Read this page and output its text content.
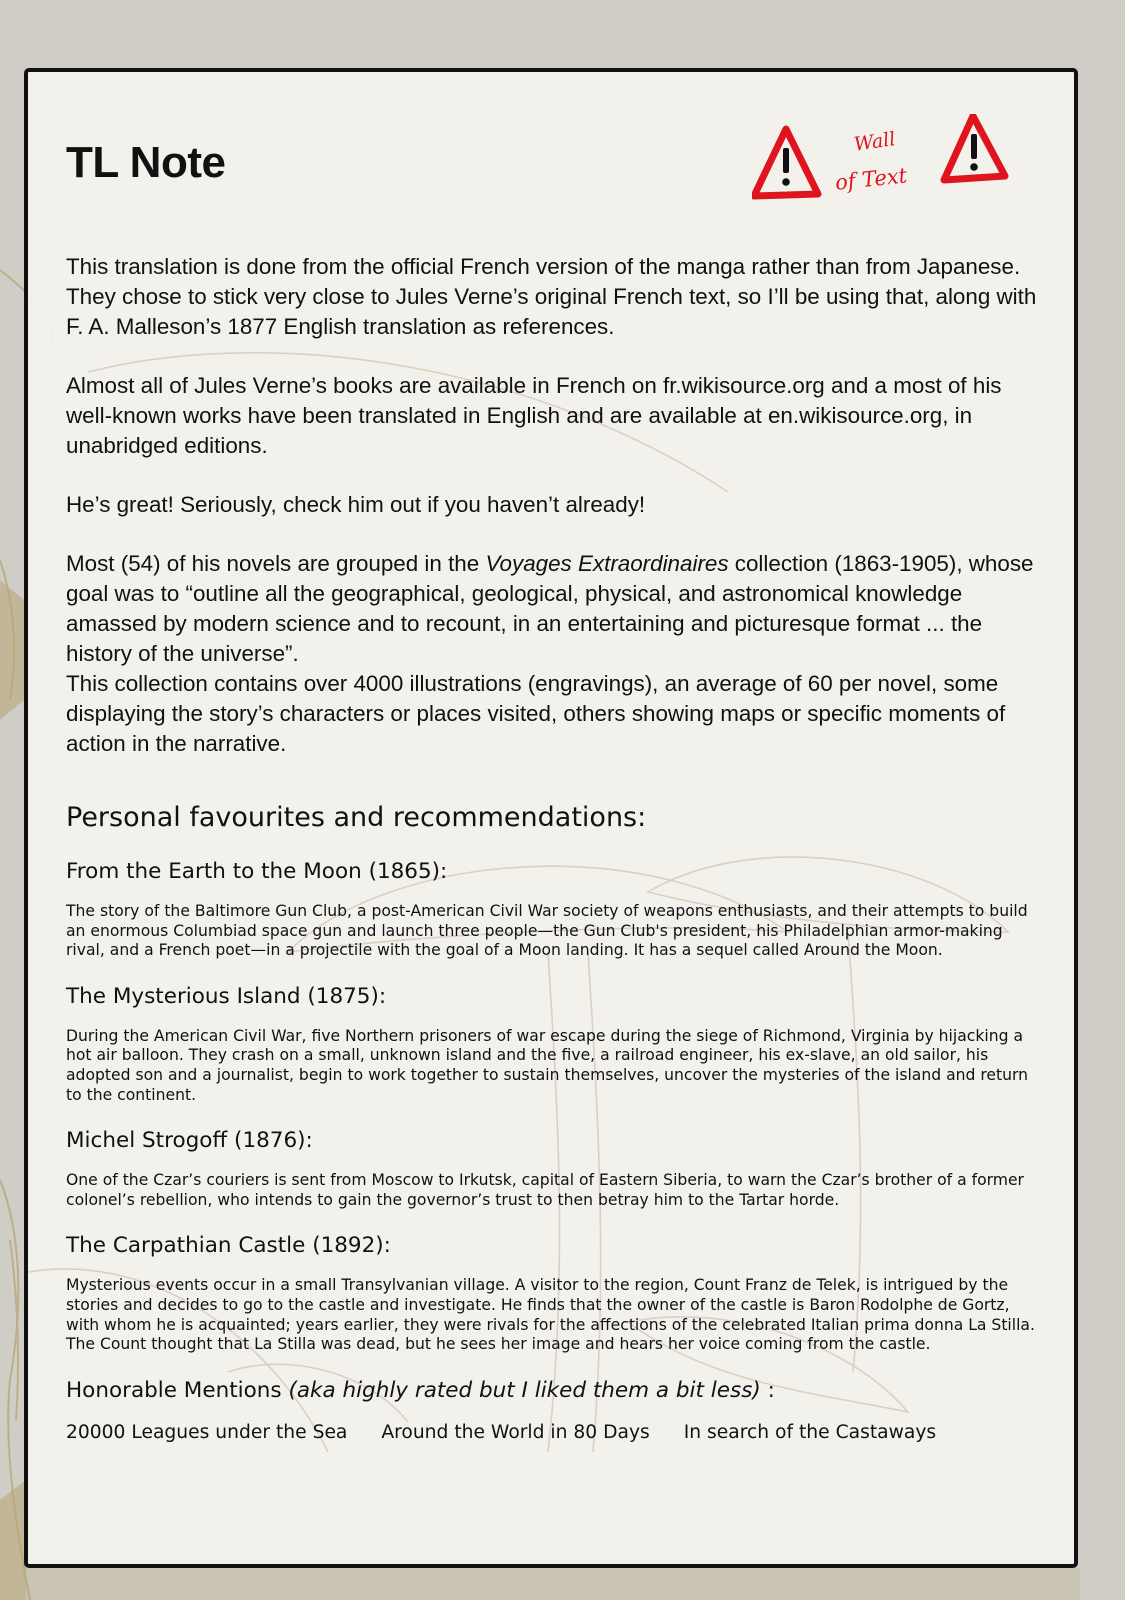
TL Note	Wall
of Text

This translation is done from the official French version of the manga rather than from Japanese. They chose to stick very close to Jules Verne’s original French text, so I’ll be using that, along with F. A. Malleson’s 1877 English translation as references.

Almost all of Jules Verne’s books are available in French on fr.wikisource.org and a most of his well-known works have been translated in English and are available at en.wikisource.org, in unabridged editions.

He’s great! Seriously, check him out if you haven’t already!

Most (54) of his novels are grouped in the Voyages Extraordinaires collection (1863-1905), whose goal was to “outline all the geographical, geological, physical, and astronomical knowledge amassed by modern science and to recount, in an entertaining and picturesque format ... the history of the universe”.

This collection contains over 4000 illustrations (engravings), an average of 60 per novel, some displaying the story’s characters or places visited, others showing maps or specific moments of action in the narrative.

Personal favourites and recommendations:
From the Earth to the Moon (1865):

The story of the Baltimore Gun Club, a post-American Civil War society of weapons enthusiasts, and their attempts to build an enormous Columbiad space gun and launch three people—the Gun Club's president, his Philadelphian armor-making rival, and a French poet—in a projectile with the goal of a Moon landing. It has a sequel called Around the Moon.

The Mysterious Island (1875):

During the American Civil War, five Northern prisoners of war escape during the siege of Richmond, Virginia by hijacking a hot air balloon. They crash on a small, unknown island and the five, a railroad engineer, his ex-slave, an old sailor, his adopted son and a journalist, begin to work together to sustain themselves, uncover the mysteries of the island and return to the continent.

Michel Strogoff (1876):

One of the Czar’s couriers is sent from Moscow to Irkutsk, capital of Eastern Siberia, to warn the Czar’s brother of a former colonel’s rebellion, who intends to gain the governor’s trust to then betray him to the Tartar horde.

The Carpathian Castle (1892):

Mysterious events occur in a small Transylvanian village. A visitor to the region, Count Franz de Telek, is intrigued by the stories and decides to go to the castle and investigate. He finds that the owner of the castle is Baron Rodolphe de Gortz, with whom he is acquainted; years earlier, they were rivals for the affections of the celebrated Italian prima donna La Stilla. The Count thought that La Stilla was dead, but he sees her image and hears her voice coming from the castle.

Honorable Mentions (aka highly rated but I liked them a bit less) :
20000 Leagues under the Sea Around the World in 80 Days In search of the Castaways
